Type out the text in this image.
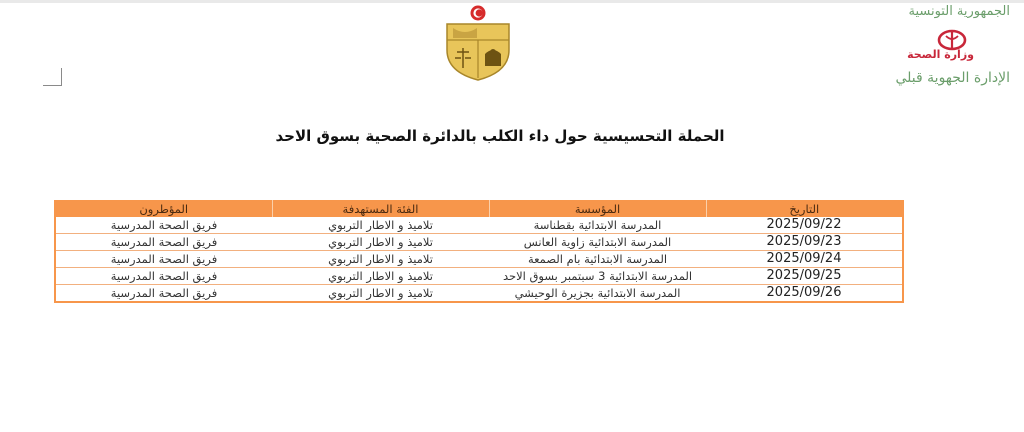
الجمهورية التونسية
وزارة الصحة
الإدارة الجهوية قبلي
الحملة التحسيسية حول داء الكلب بالدائرة الصحية بسوق الاحد
التاريخ	المؤسسة	الفئة المستهدفة	المؤطرون
2025/09/22	المدرسة الابتدائية بقطناسة	تلاميذ و الاطار التربوي	فريق الصحة المدرسية
2025/09/23	المدرسة الابتدائية زاوية العانس	تلاميذ و الاطار التربوي	فريق الصحة المدرسية
2025/09/24	المدرسة الابتدائية بام الصمعة	تلاميذ و الاطار التربوي	فريق الصحة المدرسية
2025/09/25	المدرسة الابتدائية 3 سبتمبر بسوق الاحد	تلاميذ و الاطار التربوي	فريق الصحة المدرسية
2025/09/26	المدرسة الابتدائية بجزيرة الوحيشي	تلاميذ و الاطار التربوي	فريق الصحة المدرسية
